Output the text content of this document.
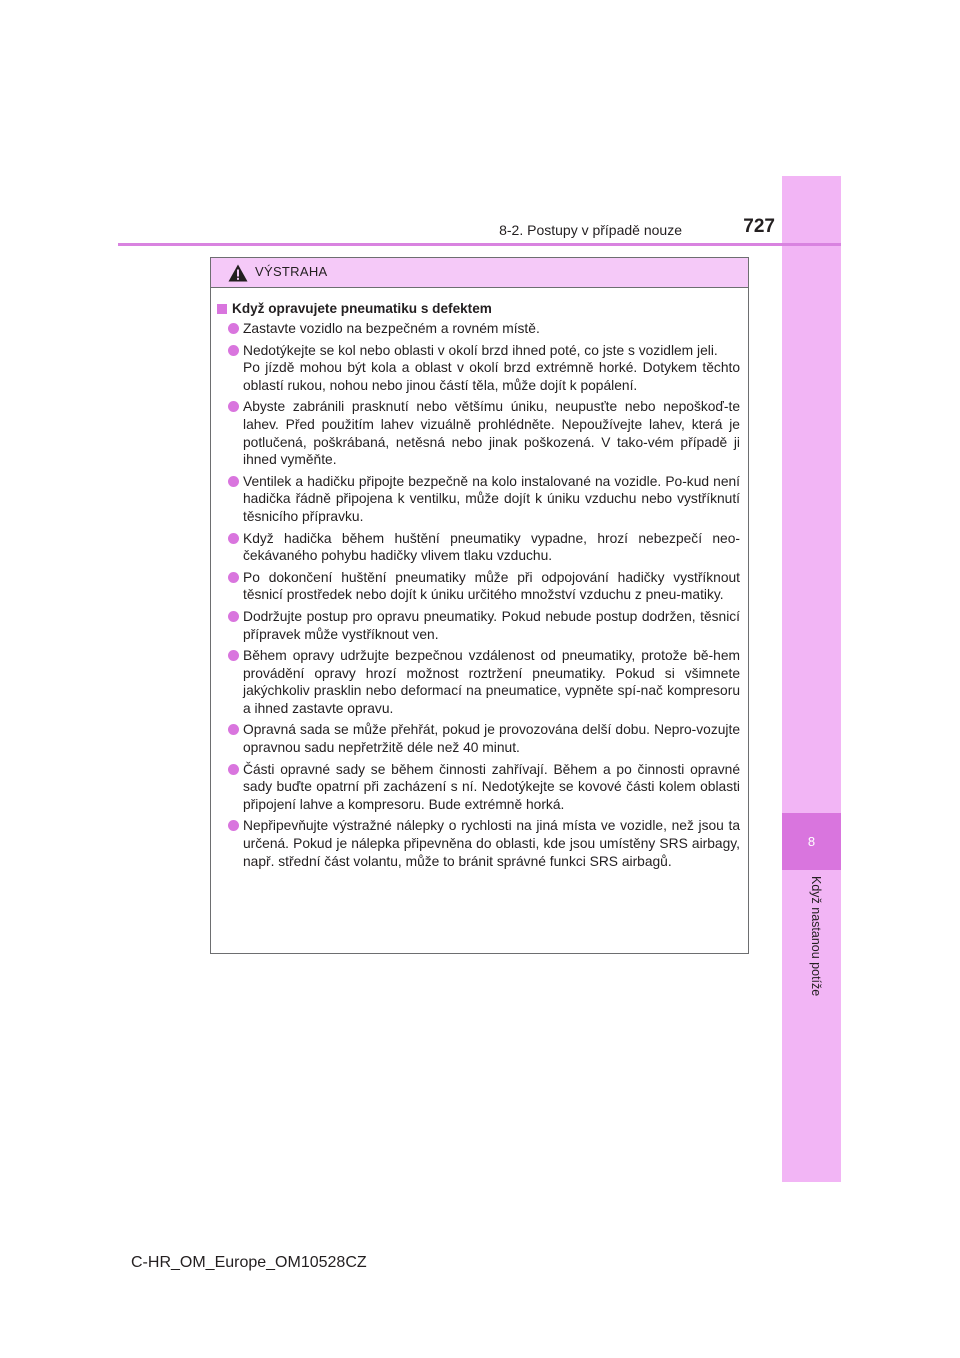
8
Když nastanou potíže
8-2. Postupy v případě nouze	727
VÝSTRAHA
Když opravujete pneumatiku s defektem
Zastavte vozidlo na bezpečném a rovném místě.
Nedotýkejte se kol nebo oblasti v okolí brzd ihned poté, co jste s vozidlem jeli.
Po jízdě mohou být kola a oblast v okolí brzd extrémně horké. Dotykem těchto oblastí rukou, nohou nebo jinou částí těla, může dojít k popálení.
Abyste zabránili prasknutí nebo většímu úniku, neupusťte nebo nepoškoď-te lahev. Před použitím lahev vizuálně prohlédněte. Nepoužívejte lahev, která je potlučená, poškrábaná, netěsná nebo jinak poškozená. V tako-vém případě ji ihned vyměňte.
Ventilek a hadičku připojte bezpečně na kolo instalované na vozidle. Po-kud není hadička řádně připojena k ventilku, může dojít k úniku vzduchu nebo vystříknutí těsnicího přípravku.
Když hadička během huštění pneumatiky vypadne, hrozí nebezpečí neo-čekávaného pohybu hadičky vlivem tlaku vzduchu.
Po dokončení huštění pneumatiky může při odpojování hadičky vystříknout těsnicí prostředek nebo dojít k úniku určitého množství vzduchu z pneu-matiky.
Dodržujte postup pro opravu pneumatiky. Pokud nebude postup dodržen, těsnicí přípravek může vystříknout ven.
Během opravy udržujte bezpečnou vzdálenost od pneumatiky, protože bě-hem provádění opravy hrozí možnost roztržení pneumatiky. Pokud si všimnete jakýchkoliv prasklin nebo deformací na pneumatice, vypněte spí-nač kompresoru a ihned zastavte opravu.
Opravná sada se může přehřát, pokud je provozována delší dobu. Nepro-vozujte opravnou sadu nepřetržitě déle než 40 minut.
Části opravné sady se během činnosti zahřívají. Během a po činnosti opravné sady buďte opatrní při zacházení s ní. Nedotýkejte se kovové části kolem oblasti připojení lahve a kompresoru. Bude extrémně horká.
Nepřipevňujte výstražné nálepky o rychlosti na jiná místa ve vozidle, než jsou ta určená. Pokud je nálepka připevněna do oblasti, kde jsou umístěny SRS airbagy, např. střední část volantu, může to bránit správné funkci SRS airbagů.
C-HR_OM_Europe_OM10528CZ
